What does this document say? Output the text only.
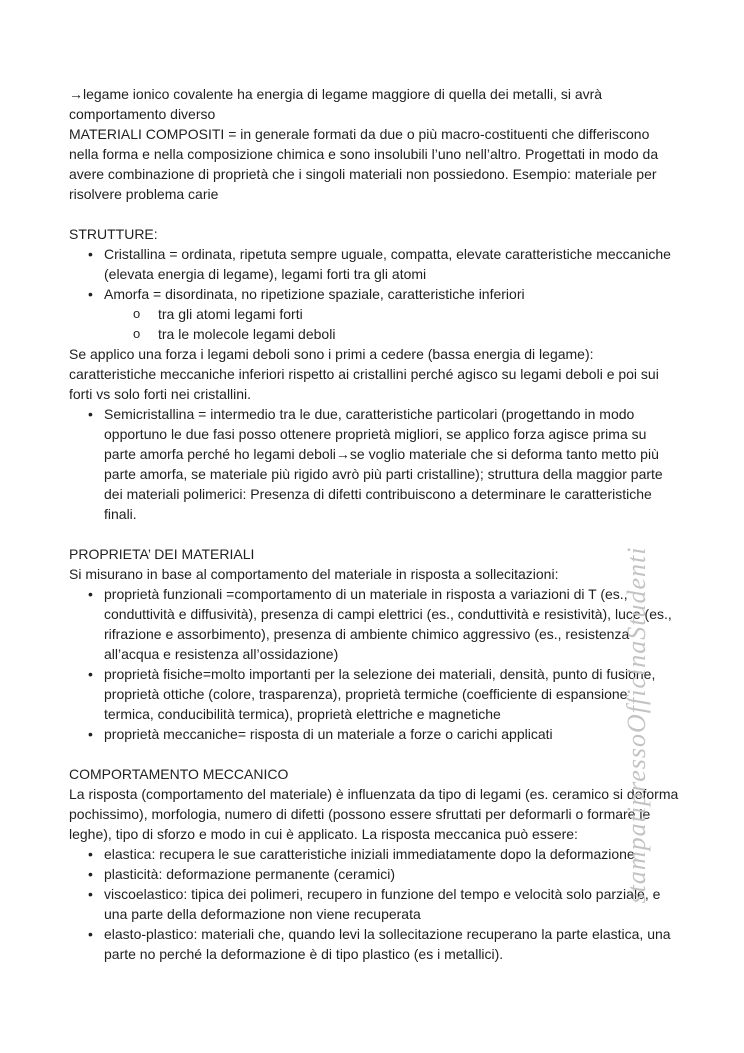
→legame ionico covalente ha energia di legame maggiore di quella dei metalli, si avrà comportamento diverso

MATERIALI COMPOSITI = in generale formati da due o più macro-costituenti che differiscono nella forma e nella composizione chimica e sono insolubili l’uno nell’altro. Progettati in modo da avere combinazione di proprietà che i singoli materiali non possiedono. Esempio: materiale per risolvere problema carie

STRUTTURE:

• Cristallina = ordinata, ripetuta sempre uguale, compatta, elevate caratteristiche meccaniche (elevata energia di legame), legami forti tra gli atomi
• Amorfa = disordinata, no ripetizione spaziale, caratteristiche inferiori
o	tra gli atomi legami forti
o	tra le molecole legami deboli

Se applico una forza i legami deboli sono i primi a cedere (bassa energia di legame): caratteristiche meccaniche inferiori rispetto ai cristallini perché agisco su legami deboli e poi sui forti vs solo forti nei cristallini.

• Semicristallina = intermedio tra le due, caratteristiche particolari (progettando in modo opportuno le due fasi posso ottenere proprietà migliori, se applico forza agisce prima su parte amorfa perché ho legami deboli→se voglio materiale che si deforma tanto metto più parte amorfa, se materiale più rigido avrò più parti cristalline); struttura della maggior parte dei materiali polimerici: Presenza di difetti contribuiscono a determinare le caratteristiche finali.

PROPRIETA’ DEI MATERIALI

Si misurano in base al comportamento del materiale in risposta a sollecitazioni:

• proprietà funzionali =comportamento di un materiale in risposta a variazioni di T (es., conduttività e diffusività), presenza di campi elettrici (es., conduttività e resistività), luce (es., rifrazione e assorbimento), presenza di ambiente chimico aggressivo (es., resistenza all’acqua e resistenza all’ossidazione)
• proprietà fisiche=molto importanti per la selezione dei materiali, densità, punto di fusione, proprietà ottiche (colore, trasparenza), proprietà termiche (coefficiente di espansione termica, conducibilità termica), proprietà elettriche e magnetiche
• proprietà meccaniche= risposta di un materiale a forze o carichi applicati

COMPORTAMENTO MECCANICO

La risposta (comportamento del materiale) è influenzata da tipo di legami (es. ceramico si deforma pochissimo), morfologia, numero di difetti (possono essere sfruttati per deformarli o formare le leghe), tipo di sforzo e modo in cui è applicato. La risposta meccanica può essere:

• elastica: recupera le sue caratteristiche iniziali immediatamente dopo la deformazione
• plasticità: deformazione permanente (ceramici)
• viscoelastico: tipica dei polimeri, recupero in funzione del tempo e velocità solo parziale, e una parte della deformazione non viene recuperata
• elasto-plastico: materiali che, quando levi la sollecitazione recuperano la parte elastica, una parte no perché la deformazione è di tipo plastico (es i metallici).
stampatipressoOfficinaStudenti
